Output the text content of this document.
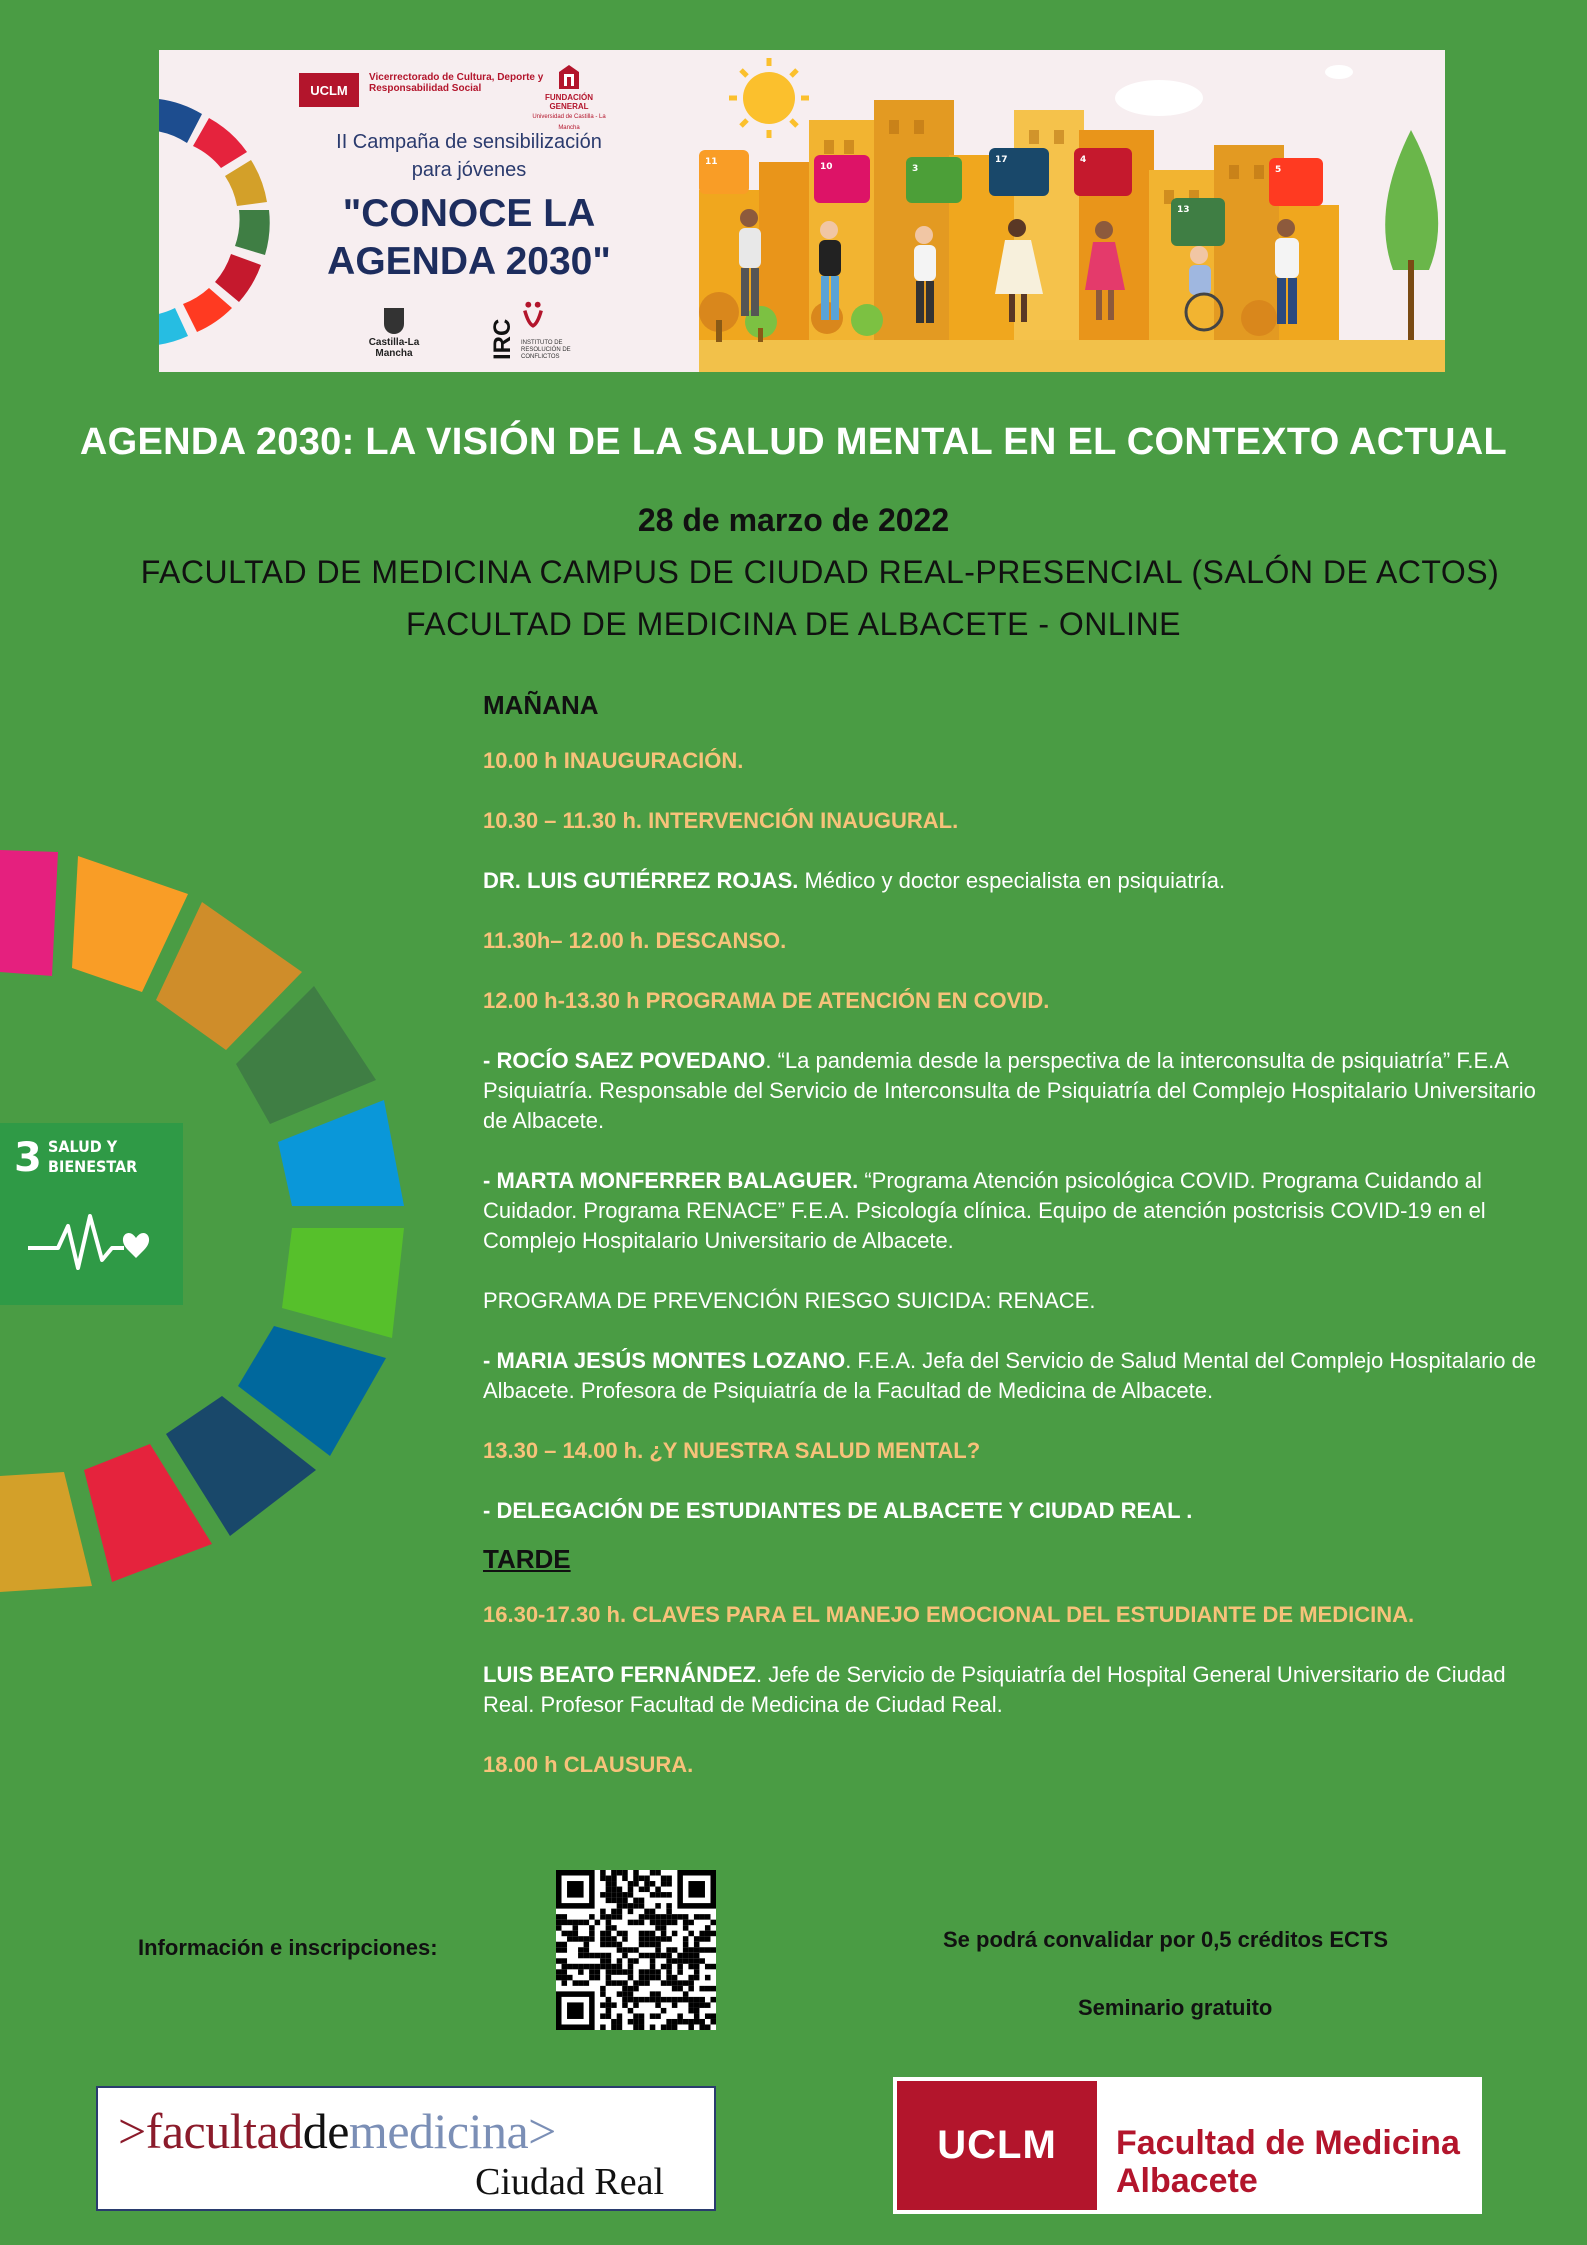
UCLM
Vicerrectorado de Cultura, Deporte y Responsabilidad Social
FUNDACIÓN GENERAL
Universidad de Castilla - La Mancha
II Campaña de sensibilización
para jóvenes
"CONOCE LA
AGENDA 2030"
Castilla-La Mancha	IRC INSTITUTO DE RESOLUCIÓN DE CONFLICTOS
11	10	3
17	4
13
5
AGENDA 2030: LA VISIÓN DE LA SALUD MENTAL EN EL CONTEXTO ACTUAL
28 de marzo de 2022
FACULTAD DE MEDICINA CAMPUS DE CIUDAD REAL-PRESENCIAL (SALÓN DE ACTOS)
FACULTAD DE MEDICINA DE ALBACETE - ONLINE
3 SALUD Y BIENESTAR

MAÑANA

10.00 h INAUGURACIÓN.

10.30 – 11.30 h. INTERVENCIÓN INAUGURAL.

DR. LUIS GUTIÉRREZ ROJAS. Médico y doctor especialista en psiquiatría.

11.30h– 12.00 h. DESCANSO.

12.00 h-13.30 h PROGRAMA DE ATENCIÓN EN COVID.

- ROCÍO SAEZ POVEDANO. “La pandemia desde la perspectiva de la interconsulta de psiquiatría” F.E.A Psiquiatría. Responsable del Servicio de Interconsulta de Psiquiatría del Complejo Hospitalario Universitario de Albacete.

- MARTA MONFERRER BALAGUER. “Programa Atención psicológica COVID. Programa Cuidando al Cuidador. Programa RENACE” F.E.A. Psicología clínica. Equipo de atención postcrisis COVID-19 en el Complejo Hospitalario Universitario de Albacete.

PROGRAMA DE PREVENCIÓN RIESGO SUICIDA: RENACE.

- MARIA JESÚS MONTES LOZANO. F.E.A. Jefa del Servicio de Salud Mental del Complejo Hospitalario de Albacete. Profesora de Psiquiatría de la Facultad de Medicina de Albacete.

13.30 – 14.00 h. ¿Y NUESTRA SALUD MENTAL?

- DELEGACIÓN DE ESTUDIANTES DE ALBACETE Y CIUDAD REAL .

TARDE

16.30-17.30 h. CLAVES PARA EL MANEJO EMOCIONAL DEL ESTUDIANTE DE MEDICINA.

LUIS BEATO FERNÁNDEZ. Jefe de Servicio de Psiquiatría del Hospital General Universitario de Ciudad Real. Profesor Facultad de Medicina de Ciudad Real.

18.00 h CLAUSURA.

Información e inscripciones:	Se podrá convalidar por 0,5 créditos ECTS
Seminario gratuito
>facultaddemedicina>
Ciudad Real
UCLM Facultad de Medicina
Albacete
